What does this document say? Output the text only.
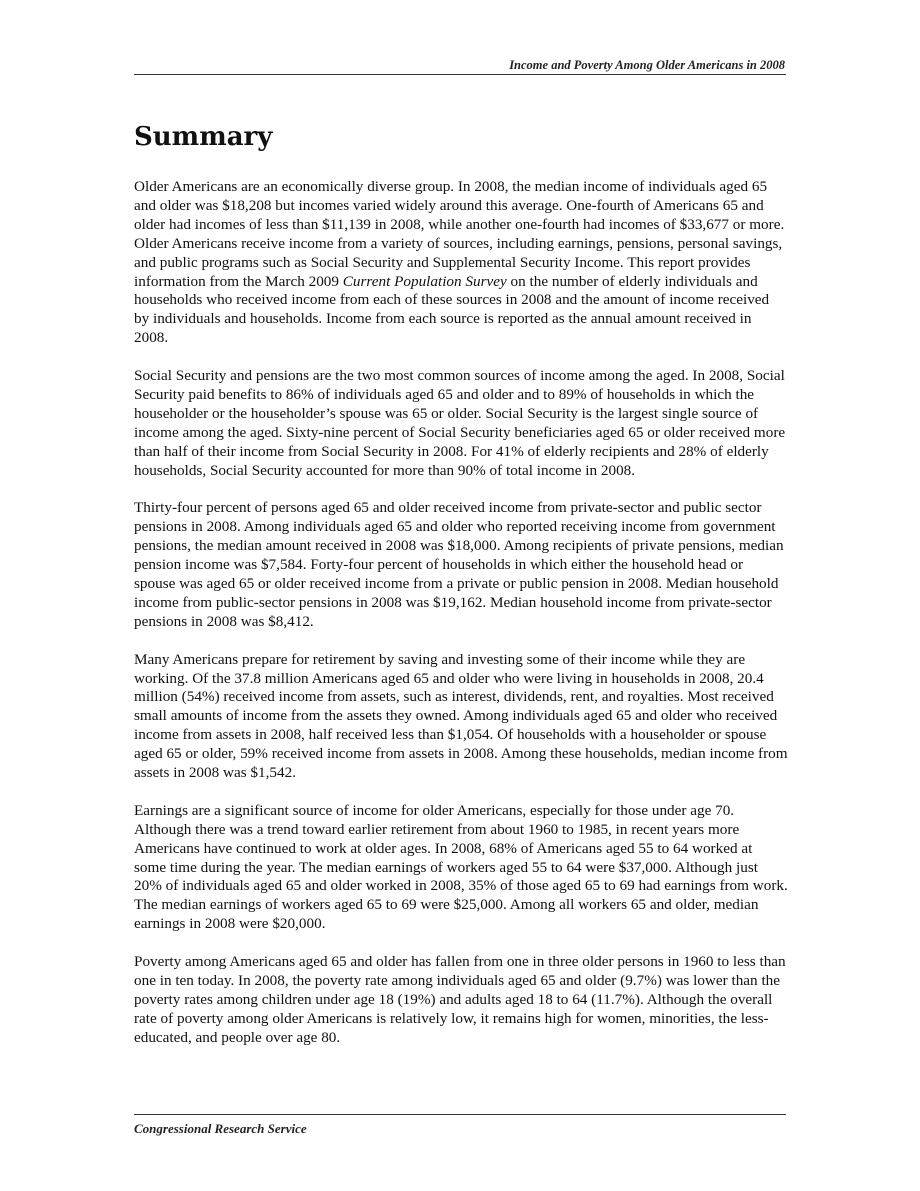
Income and Poverty Among Older Americans in 2008
Summary

Older Americans are an economically diverse group. In 2008, the median income of individuals aged 65 and older was $18,208 but incomes varied widely around this average. One-fourth of Americans 65 and older had incomes of less than $11,139 in 2008, while another one-fourth had incomes of $33,677 or more. Older Americans receive income from a variety of sources, including earnings, pensions, personal savings, and public programs such as Social Security and Supplemental Security Income. This report provides information from the March 2009 Current Population Survey on the number of elderly individuals and households who received income from each of these sources in 2008 and the amount of income received by individuals and households. Income from each source is reported as the annual amount received in 2008.

Social Security and pensions are the two most common sources of income among the aged. In 2008, Social Security paid benefits to 86% of individuals aged 65 and older and to 89% of households in which the householder or the householder’s spouse was 65 or older. Social Security is the largest single source of income among the aged. Sixty-nine percent of Social Security beneficiaries aged 65 or older received more than half of their income from Social Security in 2008. For 41% of elderly recipients and 28% of elderly households, Social Security accounted for more than 90% of total income in 2008.

Thirty-four percent of persons aged 65 and older received income from private-sector and public sector pensions in 2008. Among individuals aged 65 and older who reported receiving income from government pensions, the median amount received in 2008 was $18,000. Among recipients of private pensions, median pension income was $7,584. Forty-four percent of households in which either the household head or spouse was aged 65 or older received income from a private or public pension in 2008. Median household income from public-sector pensions in 2008 was $19,162. Median household income from private-sector pensions in 2008 was $8,412.

Many Americans prepare for retirement by saving and investing some of their income while they are working. Of the 37.8 million Americans aged 65 and older who were living in households in 2008, 20.4 million (54%) received income from assets, such as interest, dividends, rent, and royalties. Most received small amounts of income from the assets they owned. Among individuals aged 65 and older who received income from assets in 2008, half received less than $1,054. Of households with a householder or spouse aged 65 or older, 59% received income from assets in 2008. Among these households, median income from assets in 2008 was $1,542.

Earnings are a significant source of income for older Americans, especially for those under age 70. Although there was a trend toward earlier retirement from about 1960 to 1985, in recent years more Americans have continued to work at older ages. In 2008, 68% of Americans aged 55 to 64 worked at some time during the year. The median earnings of workers aged 55 to 64 were $37,000. Although just 20% of individuals aged 65 and older worked in 2008, 35% of those aged 65 to 69 had earnings from work. The median earnings of workers aged 65 to 69 were $25,000. Among all workers 65 and older, median earnings in 2008 were $20,000.

Poverty among Americans aged 65 and older has fallen from one in three older persons in 1960 to less than one in ten today. In 2008, the poverty rate among individuals aged 65 and older (9.7%) was lower than the poverty rates among children under age 18 (19%) and adults aged 18 to 64 (11.7%). Although the overall rate of poverty among older Americans is relatively low, it remains high for women, minorities, the less-educated, and people over age 80.

Congressional Research Service
